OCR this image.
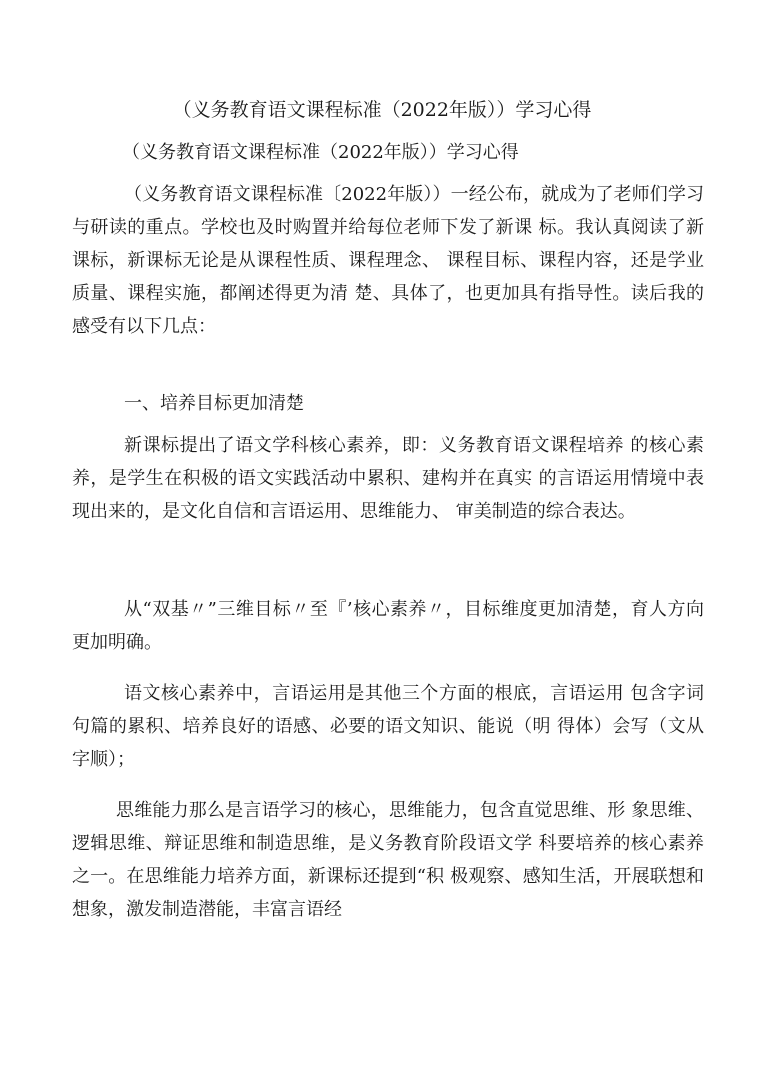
（义务教育语文课程标准（2022年版））学习心得
（义务教育语文课程标准（2022年版））学习心得

（义务教育语文课程标准〔2022年版））一经公布，就成为了老师们学习与研读的重点。学校也及时购置并给每位老师下发了新课 标。我认真阅读了新课标，新课标无论是从课程性质、课程理念、 课程目标、课程内容，还是学业质量、课程实施，都阐述得更为清 楚、具体了，也更加具有指导性。读后我的感受有以下几点：

一、培养目标更加清楚

新课标提出了语文学科核心素养，即：义务教育语文课程培养 的核心素养，是学生在积极的语文实践活动中累积、建构并在真实 的言语运用情境中表现出来的，是文化自信和言语运用、思维能力、 审美制造的综合表达。

从“双基〃”三维目标〃至『’核心素养〃，目标维度更加清楚，育人方向更加明确。

语文核心素养中，言语运用是其他三个方面的根底，言语运用 包含字词句篇的累积、培养良好的语感、必要的语文知识、能说（明 得体）会写（文从字顺）；

思维能力那么是言语学习的核心，思维能力，包含直觉思维、形 象思维、逻辑思维、辩证思维和制造思维，是义务教育阶段语文学 科要培养的核心素养之一。在思维能力培养方面，新课标还提到“积 极观察、感知生活，开展联想和想象，激发制造潜能，丰富言语经
